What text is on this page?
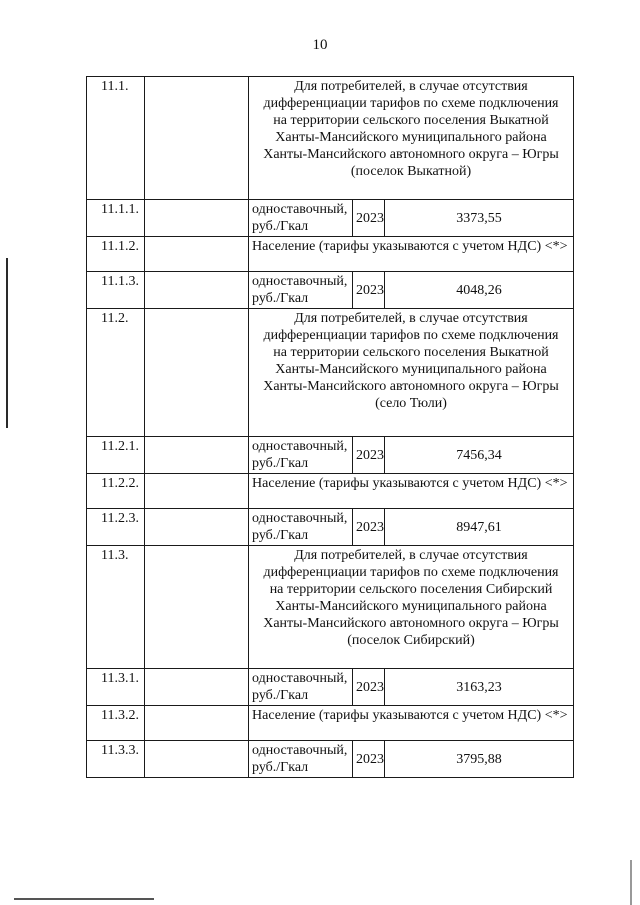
10
11.1.		Для потребителей, в случае отсутствия дифференциации тарифов по схеме подключения на территории сельского поселения Выкатной Ханты-Мансийского муниципального района Ханты-Мансийского автономного округа – Югры (поселок Выкатной)		
11.1.1.		одноставочный, руб./Гкал	2023	3373,55
11.1.2.		Население (тарифы указываются с учетом НДС) <*>		
11.1.3.		одноставочный, руб./Гкал	2023	4048,26
11.2.		Для потребителей, в случае отсутствия дифференциации тарифов по схеме подключения на территории сельского поселения Выкатной Ханты-Мансийского муниципального района Ханты-Мансийского автономного округа – Югры (село Тюли)		
11.2.1.		одноставочный, руб./Гкал	2023	7456,34
11.2.2.		Население (тарифы указываются с учетом НДС) <*>		
11.2.3.		одноставочный, руб./Гкал	2023	8947,61
11.3.		Для потребителей, в случае отсутствия дифференциации тарифов по схеме подключения на территории сельского поселения Сибирский Ханты-Мансийского муниципального района Ханты-Мансийского автономного округа – Югры (поселок Сибирский)		
11.3.1.		одноставочный, руб./Гкал	2023	3163,23
11.3.2.		Население (тарифы указываются с учетом НДС) <*>		
11.3.3.		одноставочный, руб./Гкал	2023	3795,88
